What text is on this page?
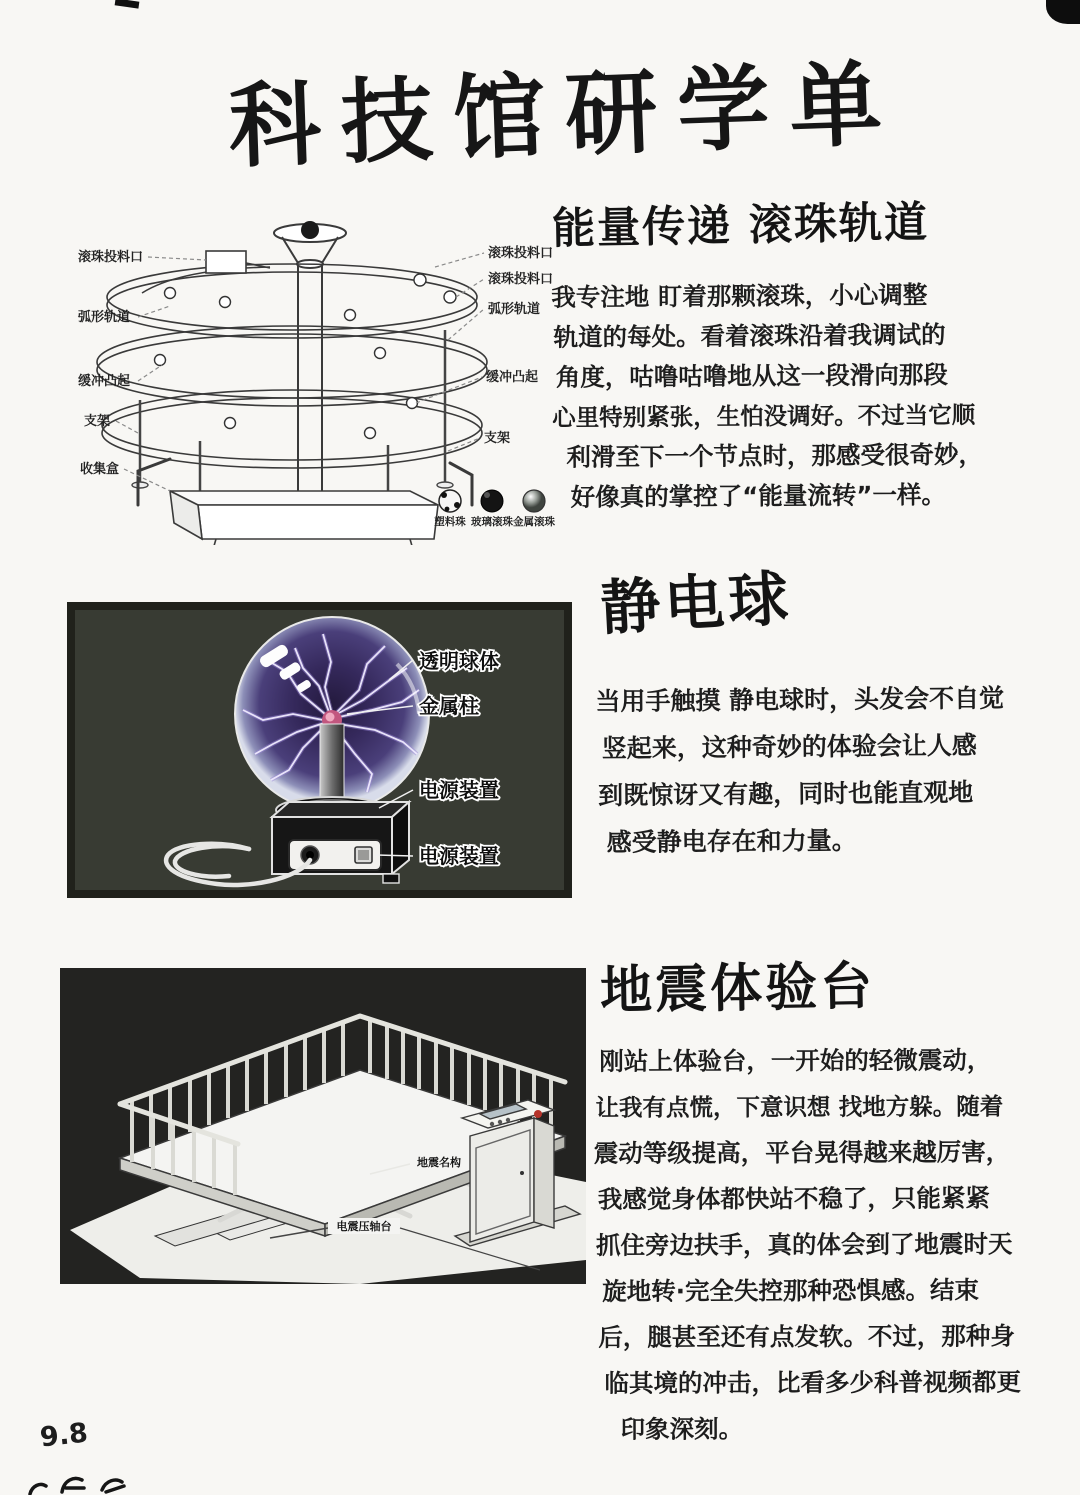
科技馆研学单
滚珠投料口
弧形轨道
缓冲凸起
支架
收集盒
滚珠投料口
滚珠投料口
弧形轨道
缓冲凸起
支架
塑料珠 玻璃滚珠 金属滚珠
能量传递 滚珠轨道
我专注地 盯着那颗滚珠，小心调整
轨道的每处。看着滚珠沿着我调试的
角度，咕噜咕噜地从这一段滑向那段
心里特别紧张，生怕没调好。不过当它顺
利滑至下一个节点时，那感受很奇妙，
好像真的掌控了“能量流转”一样。
透明球体
金属柱
电源装置
电源装置
静电球
当用手触摸 静电球时，头发会不自觉
竖起来，这种奇妙的体验会让人感
到既惊讶又有趣，同时也能直观地
感受静电存在和力量。
地震名构
电震压轴台
地震体验台
刚站上体验台，一开始的轻微震动，
让我有点慌，下意识想 找地方躲。随着
震动等级提高，平台晃得越来越厉害，
我感觉身体都快站不稳了，只能紧紧
抓住旁边扶手，真的体会到了地震时天
旋地转·完全失控那种恐惧感。结束
后，腿甚至还有点发软。不过，那种身
临其境的冲击，比看多少科普视频都更
印象深刻。
9.8
